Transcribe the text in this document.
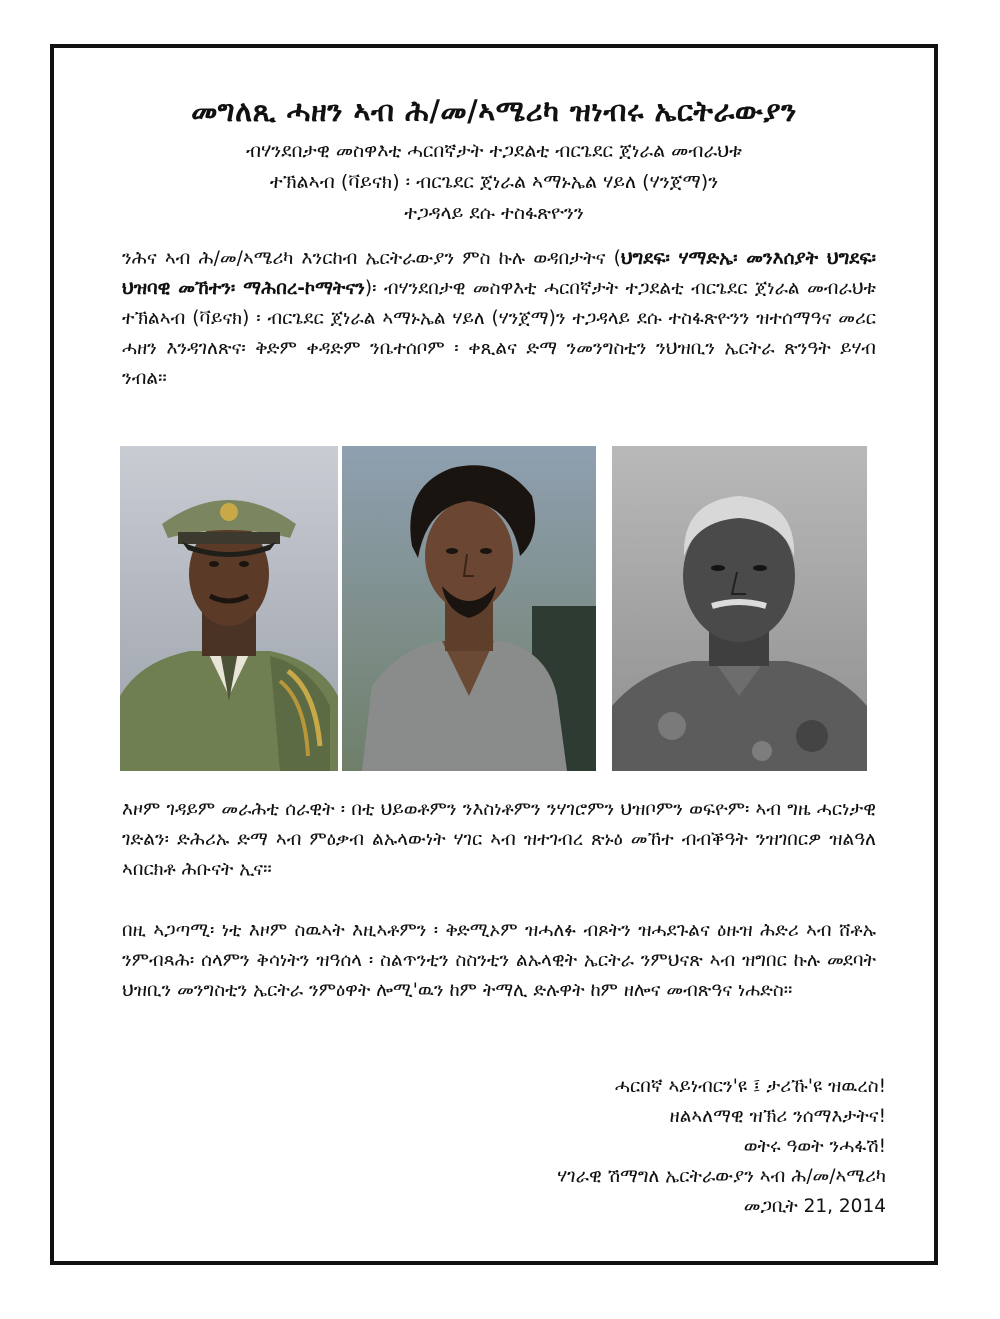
መግለጺ ሓዘን ኣብ ሕ/መ/ኣሜሪካ ዝነብሩ ኤርትራውያን
ብሃንደበታዊ መስዋእቲ ሓርበኛታት ተጋደልቲ ብርጌደር ጀነራል መብራህቱ
ተኽልኣብ (ቫይናክ) ፡ ብርጌደር ጀነራል ኣማኑኤል ሃይለ (ሃንጀማ)ን
ተጋዳላይ ደሱ ተስፋጽዮንን
ንሕና ኣብ ሕ/መ/ኣሜሪካ እንርከብ ኤርትራውያን ምስ ኩሉ ወዳበታትና (ህግደፍ፡ ሃማድኤ፡ መንእሰያት ህግደፍ፡ ህዝባዊ መኸተን፡ ማሕበረ-ኮማትናን)፡ ብሃንደበታዊ መስዋእቲ ሓርበኛታት ተጋደልቲ ብርጌደር ጀነራል መብራህቱ ተኽልኣብ (ቫይናክ) ፡ ብርጌደር ጀነራል ኣማኑኤል ሃይለ (ሃንጀማ)ን ተጋዳላይ ደሱ ተስፋጽዮንን ዝተሰማዓና መሪር ሓዘን እንዳገለጽና፡ ቅድም ቀዳድም ንቤተሰቦም ፡ ቀጺልና ድማ ንመንግስቲን ንህዝቢን ኤርትራ ጽንዓት ይሃብ ንብል።
እዞም ገዳይም መራሕቲ ሰራዊት ፡ በቲ ህይወቶምን ንእስነቶምን ንሃገሮምን ህዝቦምን ወፍዮም፡ ኣብ ግዜ ሓርነታዊ ገድልን፡ ድሕሪኡ ድማ ኣብ ምዕቃብ ልኡላውነት ሃገር ኣብ ዝተገብረ ጽኑዕ መኸተ ብብቕዓት ንዝገበርዎ ዝልዓለ ኣበርክቶ ሕቡናት ኢና።
በዚ ኣጋጣሚ፡ ነቲ እዞም ስዉኣት እዚኣቶምን ፡ ቅድሚኦም ዝሓለፉ ብጾትን ዝሓደጉልና ዕዙዝ ሕድሪ ኣብ ሸቶኡ ንምብጻሕ፡ ሰላምን ቅሳነትን ዝዓሰላ ፡ ስልጥንቲን ስስንቲን ልኡላዊት ኤርትራ ንምህናጽ ኣብ ዝግበር ኩሉ መደባት ህዝቢን መንግስቲን ኤርትራ ንምዕዋት ሎሚ'ዉን ከም ትማሊ ድሉዋት ከም ዘሎና መብጽዓና ነሐድስ።
ሓርበኛ ኣይነብርን'ዩ ፤ ታሪኹ'ዩ ዝዉረስ!
ዘልኣለማዊ ዝኽሪ ንሰማእታትና!
ወትሩ ዓወት ንሓፋሽ!
ሃገራዊ ሽማግለ ኤርትራውያን ኣብ ሕ/መ/ኣሜሪካ
መጋቢት 21, 2014
